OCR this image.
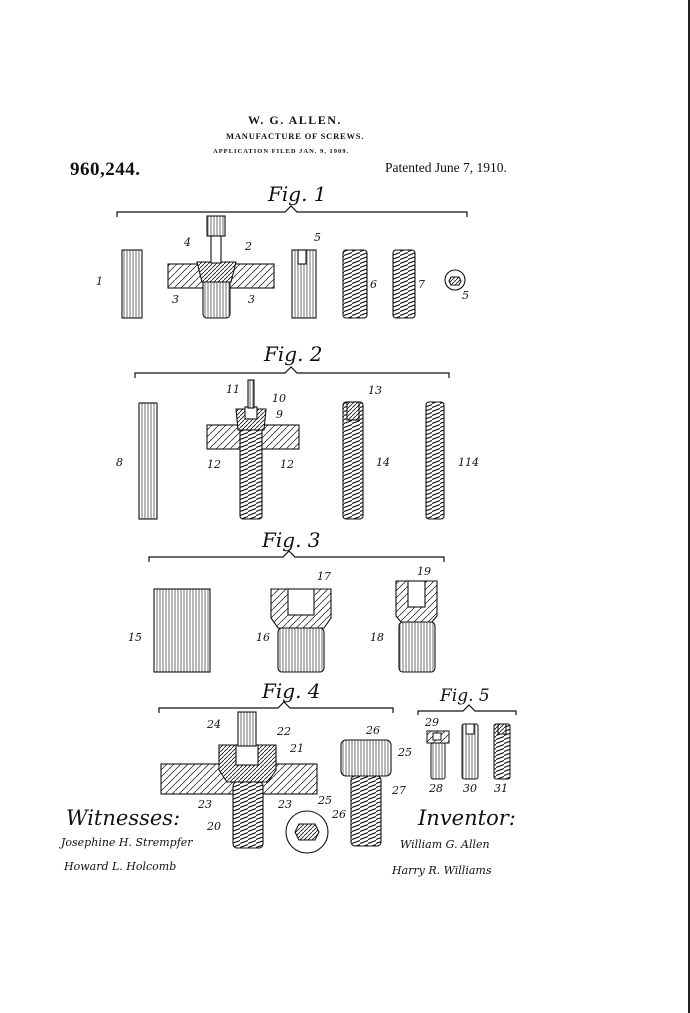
W. G. ALLEN.
MANUFACTURE OF SCREWS.
APPLICATION FILED JAN. 9, 1909.
960,244.	Patented June 7, 1910.
Fig. 1
Fig. 2
Fig. 3
Fig. 4	Fig. 5
Witnesses:	Inventor:
Josephine H. Strempfer
Howard L. Holcomb
William G. Allen
Harry R. Williams
1
2
3	3
4	5
6	7
5
8
9
10
11
12	12
13
14	114
15	16
17
18
19
20
21
22
23	23
24
25
25
26
26
27 28
29
30 31
